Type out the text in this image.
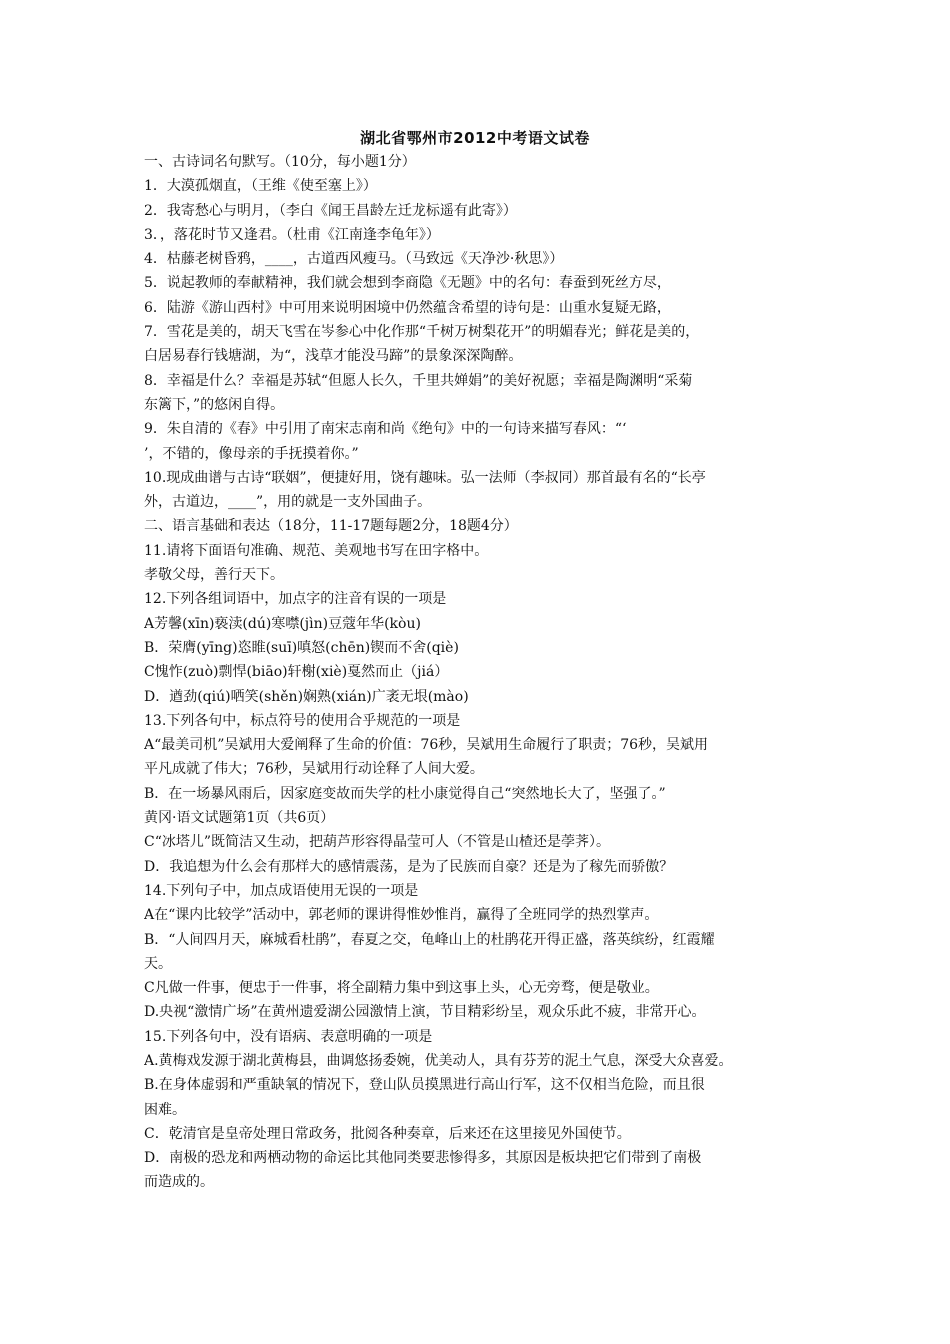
湖北省鄂州市2012中考语文试卷
一、古诗词名句默写。（10分，每小题1分）
1．大漠孤烟直，（王维《使至塞上》）
2．我寄愁心与明月，（李白《闻王昌龄左迁龙标遥有此寄》）
3．，落花时节又逢君。（杜甫《江南逢李龟年》）
4．枯藤老树昏鸦，____，古道西风瘦马。（马致远《天净沙·秋思》）
5．说起教师的奉献精神，我们就会想到李商隐《无题》中的名句：春蚕到死丝方尽，
6．陆游《游山西村》中可用来说明困境中仍然蕴含希望的诗句是：山重水复疑无路，
7．雪花是美的，胡天飞雪在岑参心中化作那“千树万树梨花开”的明媚春光；鲜花是美的，
白居易春行钱塘湖，为“，浅草才能没马蹄”的景象深深陶醉。
8．幸福是什么？幸福是苏轼“但愿人长久，千里共婵娟”的美好祝愿；幸福是陶渊明“采菊
东篱下，”的悠闲自得。
9．朱自清的《春》中引用了南宋志南和尚《绝句》中的一句诗来描写春风：“‘
’，不错的，像母亲的手抚摸着你。”
10.现成曲谱与古诗“联姻”，便捷好用，饶有趣味。弘一法师（李叔同）那首最有名的“长亭
外，古道边，____”，用的就是一支外国曲子。
二、语言基础和表达（18分，11-17题每题2分，18题4分）
11.请将下面语句准确、规范、美观地书写在田字格中。
孝敬父母，善行天下。
12.下列各组词语中，加点字的注音有误的一项是
A芳馨(xīn)亵渎(dú)寒噤(jìn)豆蔻年华(kòu)
B．荣膺(yīng)恣睢(suī)嗔怒(chēn)锲而不舍(qiè)
C愧怍(zuò)剽悍(biāo)轩榭(xiè)戛然而止（jiá）
D．遒劲(qiú)哂笑(shěn)娴熟(xián)广袤无垠(mào)
13.下列各句中，标点符号的使用合乎规范的一项是
A“最美司机”吴斌用大爱阐释了生命的价值：76秒，吴斌用生命履行了职责；76秒，吴斌用
平凡成就了伟大；76秒，吴斌用行动诠释了人间大爱。
B．在一场暴风雨后，因家庭变故而失学的杜小康觉得自己“突然地长大了，坚强了。”
黄冈·语文试题第1页（共6页）
C“冰塔儿”既简洁又生动，把葫芦形容得晶莹可人（不管是山楂还是荸荠）。
D．我追想为什么会有那样大的感情震荡，是为了民族而自豪？还是为了稼先而骄傲？
14.下列句子中，加点成语使用无误的一项是
A在“课内比较学”活动中，郭老师的课讲得惟妙惟肖，赢得了全班同学的热烈掌声。
B．“人间四月天，麻城看杜鹃”，春夏之交，龟峰山上的杜鹃花开得正盛，落英缤纷，红霞耀
天。
C凡做一件事，便忠于一件事，将全副精力集中到这事上头，心无旁骛，便是敬业。
D.央视“激情广场”在黄州遗爱湖公园激情上演，节目精彩纷呈，观众乐此不疲，非常开心。
15.下列各句中，没有语病、表意明确的一项是
A.黄梅戏发源于湖北黄梅县，曲调悠扬委婉，优美动人，具有芬芳的泥土气息，深受大众喜爱。
B.在身体虚弱和严重缺氧的情况下，登山队员摸黑进行高山行军，这不仅相当危险，而且很
困难。
C．乾清官是皇帝处理日常政务，批阅各种奏章，后来还在这里接见外国使节。
D．南极的恐龙和两栖动物的命运比其他同类要悲惨得多，其原因是板块把它们带到了南极
而造成的。
